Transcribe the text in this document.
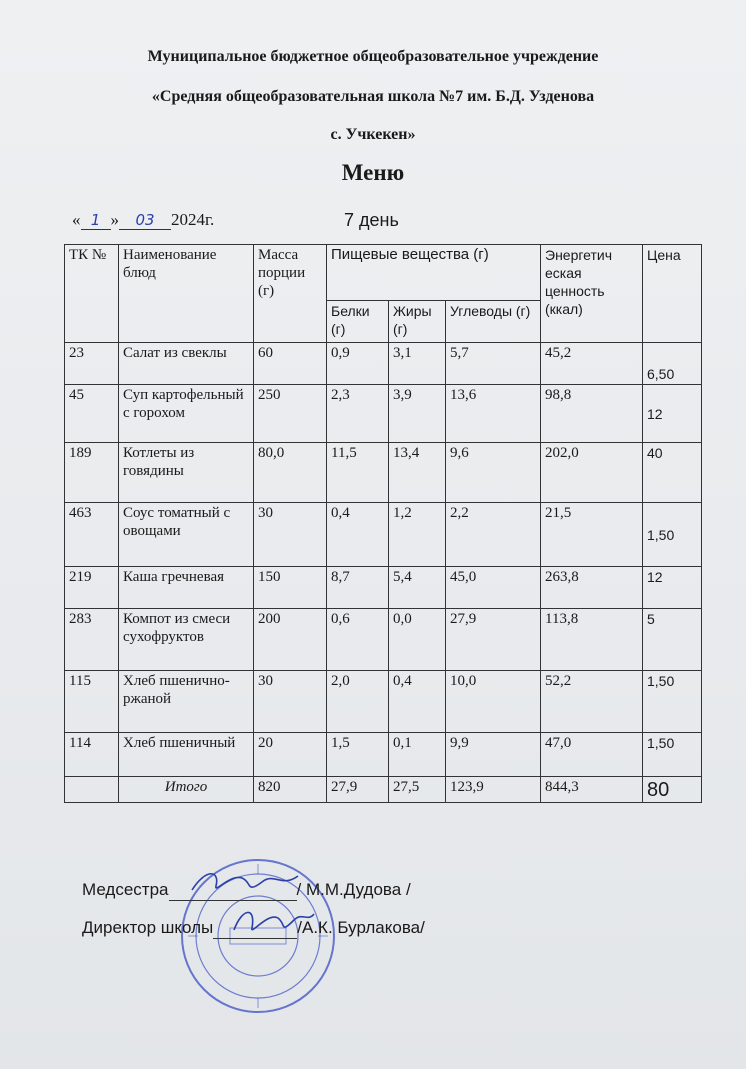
Муниципальное бюджетное общеобразовательное учреждение
«Средняя общеобразовательная школа №7 им. Б.Д. Узденова
с. Учкекен»
Меню
« 1 » 03 2024г.	7 день
ТК №	Наименование блюд	Масса порции (г)	Пищевые вещества (г)			Энергетич еская ценность (ккал)	Цена
			Белки (г)	Жиры (г)	Углеводы (г)		
23	Салат из свеклы	60	0,9	3,1	5,7	45,2	6,50
45	Суп картофельный с горохом	250	2,3	3,9	13,6	98,8	12
189	Котлеты из говядины	80,0	11,5	13,4	9,6	202,0	40
463	Соус томатный с овощами	30	0,4	1,2	2,2	21,5	1,50
219	Каша гречневая	150	8,7	5,4	45,0	263,8	12
283	Компот из смеси сухофруктов	200	0,6	0,0	27,9	113,8	5
115	Хлеб пшенично-ржаной	30	2,0	0,4	10,0	52,2	1,50
114	Хлеб пшеничный	20	1,5	0,1	9,9	47,0	1,50
	Итого	820	27,9	27,5	123,9	844,3	80
Медсестра	/ М.М.Дудова /
Директор школы	/А.К. Бурлакова/
